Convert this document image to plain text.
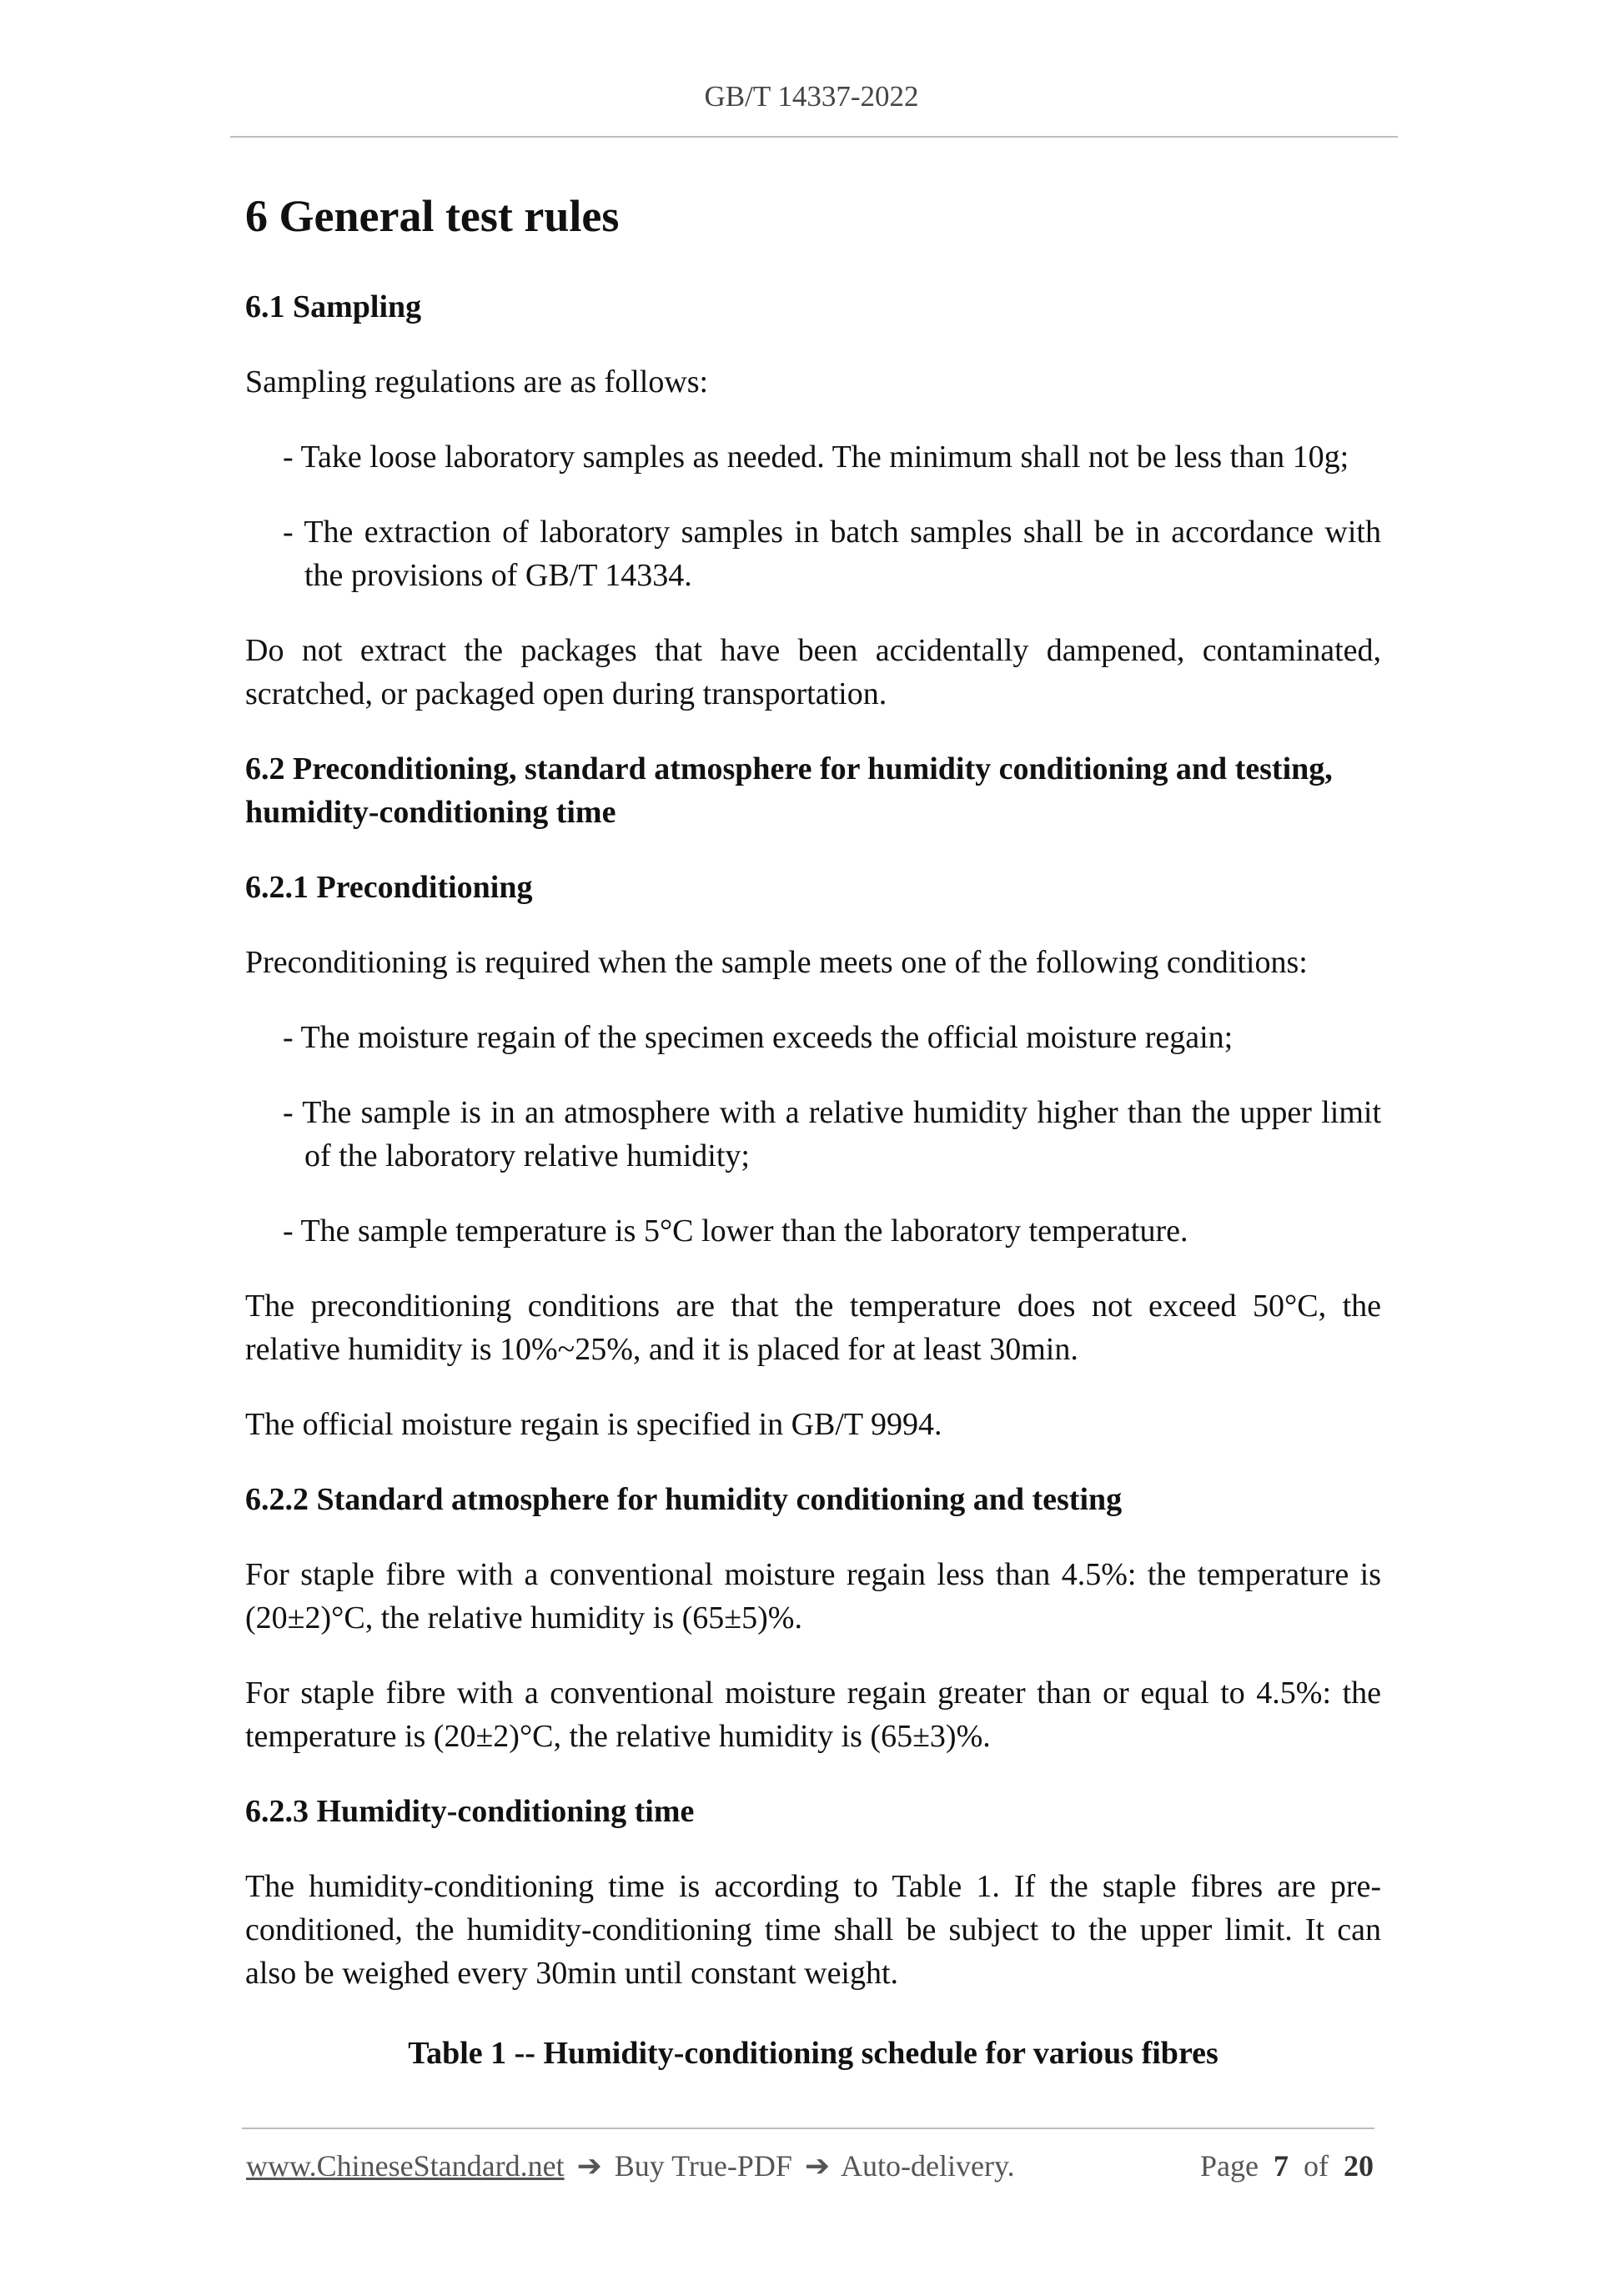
GB/T 14337-2022
6 General test rules
6.1 Sampling

Sampling regulations are as follows:

- Take loose laboratory samples as needed. The minimum shall not be less than 10g;
- The extraction of laboratory samples in batch samples shall be in accordance with the provisions of GB/T 14334.

Do not extract the packages that have been accidentally dampened, contaminated, scratched, or packaged open during transportation.

6.2 Preconditioning, standard atmosphere for humidity conditioning and testing, humidity-conditioning time
6.2.1 Preconditioning

Preconditioning is required when the sample meets one of the following conditions:

- The moisture regain of the specimen exceeds the official moisture regain;
- The sample is in an atmosphere with a relative humidity higher than the upper limit of the laboratory relative humidity;
- The sample temperature is 5°C lower than the laboratory temperature.

The preconditioning conditions are that the temperature does not exceed 50°C, the relative humidity is 10%~25%, and it is placed for at least 30min.

The official moisture regain is specified in GB/T 9994.

6.2.2 Standard atmosphere for humidity conditioning and testing

For staple fibre with a conventional moisture regain less than 4.5%: the temperature is (20±2)°C, the relative humidity is (65±5)%.

For staple fibre with a conventional moisture regain greater than or equal to 4.5%: the temperature is (20±2)°C, the relative humidity is (65±3)%.

6.2.3 Humidity-conditioning time

The humidity-conditioning time is according to Table 1. If the staple fibres are pre-conditioned, the humidity-conditioning time shall be subject to the upper limit. It can also be weighed every 30min until constant weight.

Table 1 -- Humidity-conditioning schedule for various fibres
www.ChineseStandard.net ➔ Buy True-PDF ➔ Auto-delivery.	Page 7 of 20
